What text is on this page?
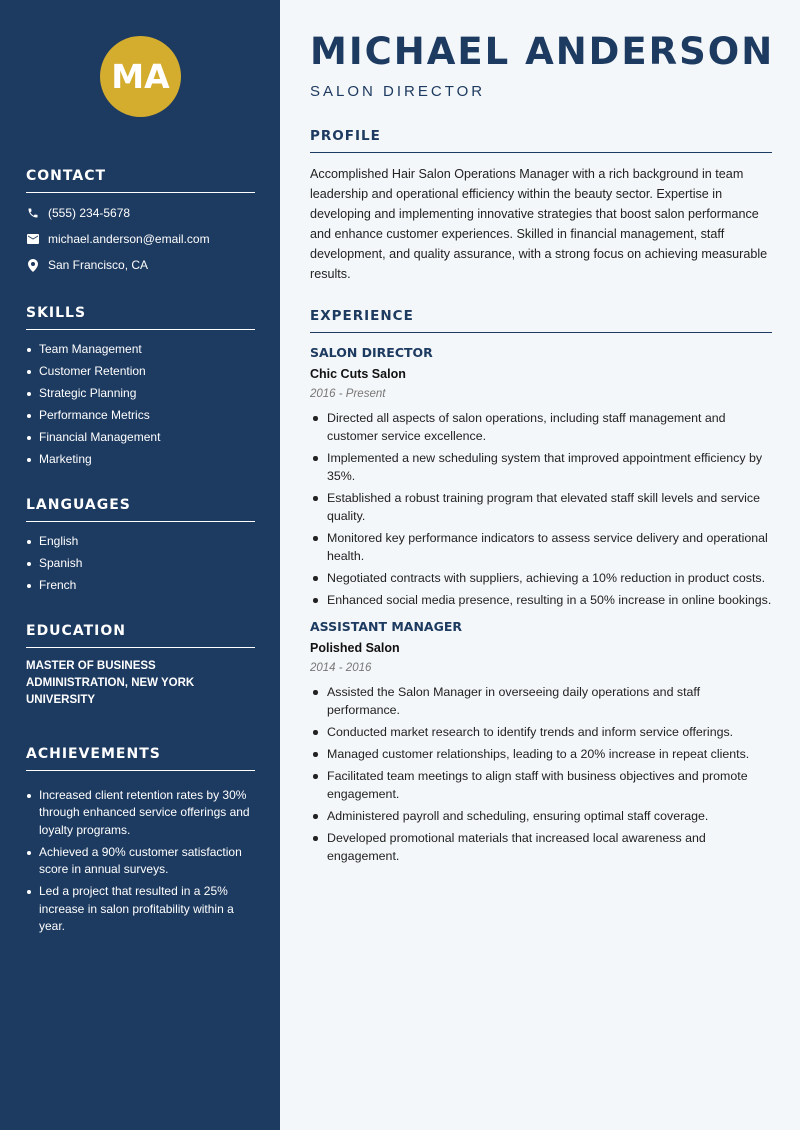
MA
CONTACT
(555) 234-5678
michael.anderson@email.com
San Francisco, CA
SKILLS
Team Management
Customer Retention
Strategic Planning
Performance Metrics
Financial Management
Marketing
LANGUAGES
English
Spanish
French
EDUCATION
MASTER OF BUSINESS ADMINISTRATION, NEW YORK UNIVERSITY
ACHIEVEMENTS
Increased client retention rates by 30% through enhanced service offerings and loyalty programs.
Achieved a 90% customer satisfaction score in annual surveys.
Led a project that resulted in a 25% increase in salon profitability within a year.
MICHAEL ANDERSON
SALON DIRECTOR
PROFILE
Accomplished Hair Salon Operations Manager with a rich background in team leadership and operational efficiency within the beauty sector. Expertise in developing and implementing innovative strategies that boost salon performance and enhance customer experiences. Skilled in financial management, staff development, and quality assurance, with a strong focus on achieving measurable results.
EXPERIENCE
SALON DIRECTOR
Chic Cuts Salon
2016 - Present
Directed all aspects of salon operations, including staff management and customer service excellence.
Implemented a new scheduling system that improved appointment efficiency by 35%.
Established a robust training program that elevated staff skill levels and service quality.
Monitored key performance indicators to assess service delivery and operational health.
Negotiated contracts with suppliers, achieving a 10% reduction in product costs.
Enhanced social media presence, resulting in a 50% increase in online bookings.
ASSISTANT MANAGER
Polished Salon
2014 - 2016
Assisted the Salon Manager in overseeing daily operations and staff performance.
Conducted market research to identify trends and inform service offerings.
Managed customer relationships, leading to a 20% increase in repeat clients.
Facilitated team meetings to align staff with business objectives and promote engagement.
Administered payroll and scheduling, ensuring optimal staff coverage.
Developed promotional materials that increased local awareness and engagement.
